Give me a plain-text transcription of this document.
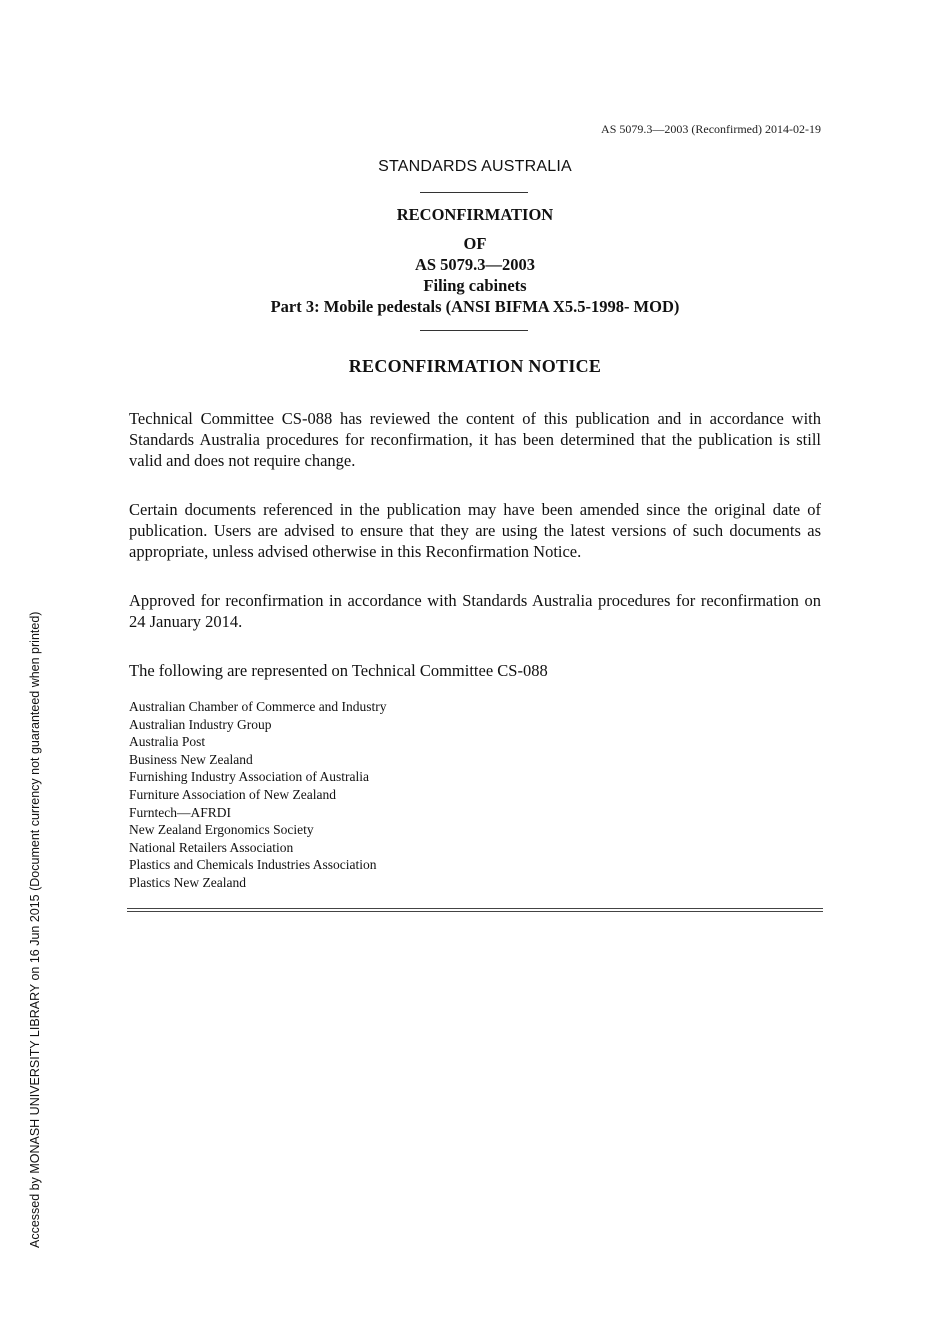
AS 5079.3—2003 (Reconfirmed) 2014-02-19
STANDARDS AUSTRALIA
RECONFIRMATION
OF
AS 5079.3—2003
Filing cabinets
Part 3: Mobile pedestals (ANSI BIFMA X5.5-1998- MOD)
RECONFIRMATION NOTICE

Technical Committee CS-088 has reviewed the content of this publication and in accordance with Standards Australia procedures for reconfirmation, it has been determined that the publication is still valid and does not require change.

Certain documents referenced in the publication may have been amended since the original date of publication. Users are advised to ensure that they are using the latest versions of such documents as appropriate, unless advised otherwise in this Reconfirmation Notice.

Approved for reconfirmation in accordance with Standards Australia procedures for reconfirmation on 24 January 2014.

The following are represented on Technical Committee CS-088

Australian Chamber of Commerce and Industry
Australian Industry Group
Australia Post
Business New Zealand
Furnishing Industry Association of Australia
Furniture Association of New Zealand
Furntech—AFRDI
New Zealand Ergonomics Society
National Retailers Association
Plastics and Chemicals Industries Association
Plastics New Zealand
Accessed by MONASH UNIVERSITY LIBRARY on 16 Jun 2015 (Document currency not guaranteed when printed)
